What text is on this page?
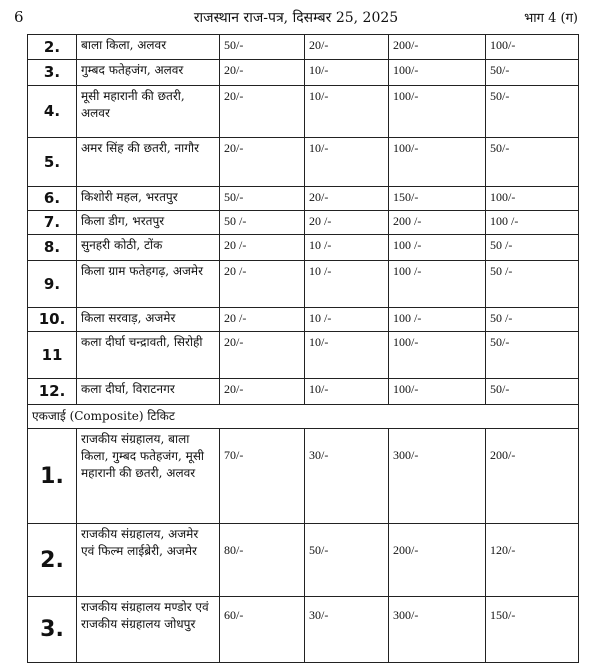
6	राजस्थान राज-पत्र, दिसम्बर 25, 2025	भाग 4 (ग)
2.	बाला किला, अलवर	50/-	20/-	200/-	100/-
3.	गुम्बद फतेहजंग, अलवर	20/-	10/-	100/-	50/-
4.	मूसी महारानी की छतरी, अलवर	20/-	10/-	100/-	50/-
5.	अमर सिंह की छतरी, नागौर	20/-	10/-	100/-	50/-
6.	किशोरी महल, भरतपुर	50/-	20/-	150/-	100/-
7.	किला डीग, भरतपुर	50 /-	20 /-	200 /-	100 /-
8.	सुनहरी कोठी, टोंक	20 /-	10 /-	100 /-	50 /-
9.	किला ग्राम फतेहगढ़, अजमेर	20 /-	10 /-	100 /-	50 /-
10.	किला सरवाड़, अजमेर	20 /-	10 /-	100 /-	50 /-
11	कला दीर्घा चन्द्रावती, सिरोही	20/-	10/-	100/-	50/-
12.	कला दीर्घा, विराटनगर	20/-	10/-	100/-	50/-
एकजाई (Composite) टिकिट					
1.	राजकीय संग्रहालय, बाला किला, गुम्बद फतेहजंग, मूसी महारानी की छतरी, अलवर	70/-	30/-	300/-	200/-
2.	राजकीय संग्रहालय, अजमेर एवं फिल्म लाईब्रेरी, अजमेर	80/-	50/-	200/-	120/-
3.	राजकीय संग्रहालय मण्डोर एवं राजकीय संग्रहालय जोधपुर	60/-	30/-	300/-	150/-
